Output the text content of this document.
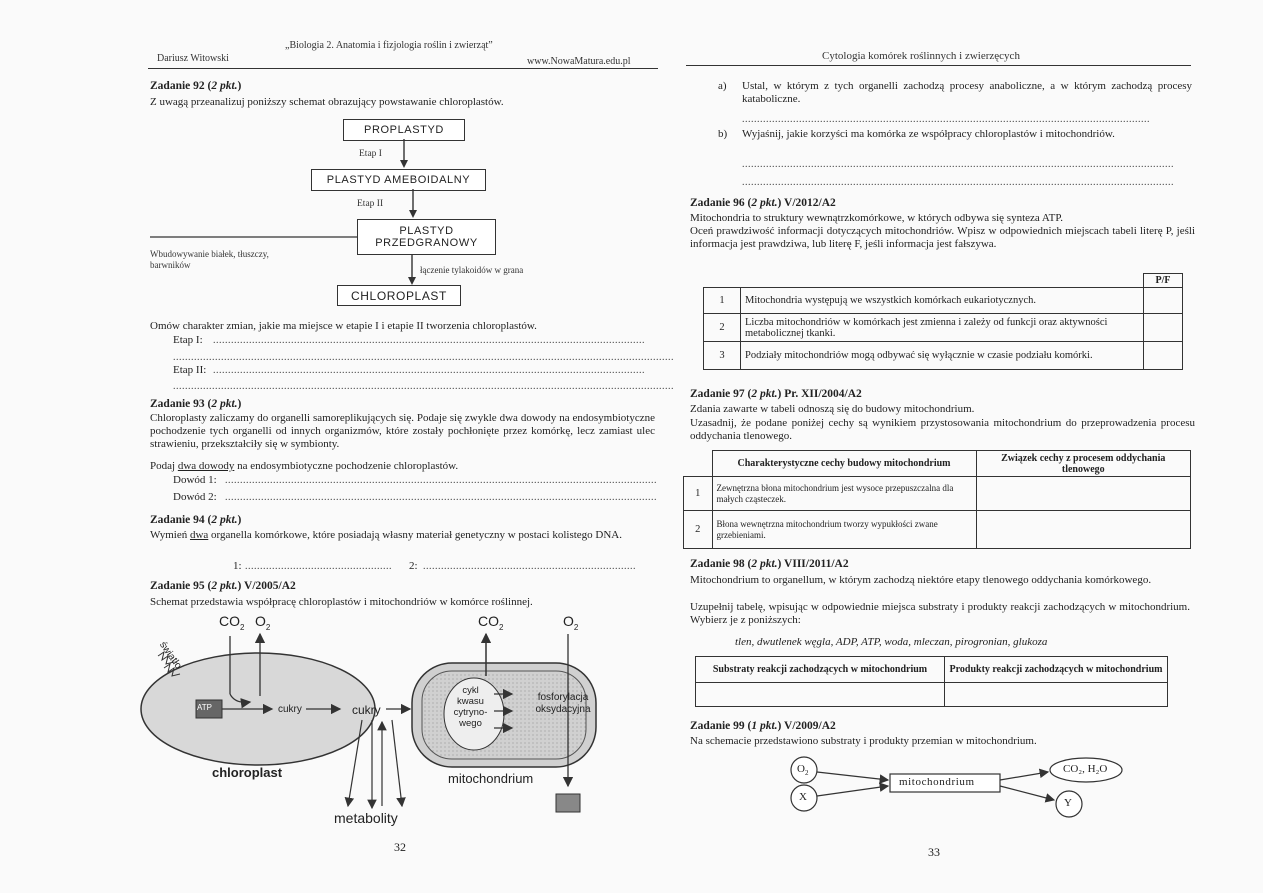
„Biologia 2. Anatomia i fizjologia roślin i zwierząt”
Dariusz Witowski	www.NowaMatura.edu.pl
Zadanie 92 (2 pkt.)
Z uwagą przeanalizuj poniższy schemat obrazujący powstawanie chloroplastów.
PROPLASTYD
Etap I
PLASTYD AMEBOIDALNY
Etap II
PLASTYD PRZEDGRANOWY
Wbudowywanie białek, tłuszczy, barwników	łączenie tylakoidów w grana
CHLOROPLAST
Omów charakter zmian, jakie ma miejsce w etapie I i etapie II tworzenia chloroplastów.
Etap I: ................................................................................................................................................
.......................................................................................................................................................................
Etap II: ................................................................................................................................................
.......................................................................................................................................................................
Zadanie 93 (2 pkt.)
Chloroplasty zaliczamy do organelli samoreplikujących się. Podaje się zwykle dwa dowody na endosymbiotyczne pochodzenie tych organelli od innych organizmów, które zostały pochłonięte przez komórkę, lecz zamiast ulec strawieniu, przekształciły się w symbionty.
Podaj dwa dowody na endosymbiotyczne pochodzenie chloroplastów.
Dowód 1: ................................................................................................................................................
Dowód 2: ................................................................................................................................................
Zadanie 94 (2 pkt.)
Wymień dwa organella komórkowe, które posiadają własny materiał genetyczny w postaci kolistego DNA.
1: ................................................. 2: .......................................................................
Zadanie 95 (2 pkt.) V/2005/A2
Schemat przedstawia współpracę chloroplastów i mitochondriów w komórce roślinnej.
$CO_2$ $O_2$	$CO_2$	$O_2$
światło
ATP	cukry	cukry
cykl kwasu cytryno- wego
fosforylacja oksydacyjna
chloroplast	mitochondrium
metabolity
32
Cytologia komórek roślinnych i zwierzęcych
a) Ustal, w którym z tych organelli zachodzą procesy anaboliczne, a w którym zachodzą procesy kataboliczne.
........................................................................................................................................
b) Wyjaśnij, jakie korzyści ma komórka ze współpracy chloroplastów i mitochondriów.
................................................................................................................................................
................................................................................................................................................
Zadanie 96 (2 pkt.) V/2012/A2
Mitochondria to struktury wewnątrzkomórkowe, w których odbywa się synteza ATP.
Oceń prawdziwość informacji dotyczących mitochondriów. Wpisz w odpowiednich miejscach tabeli literę P, jeśli informacja jest prawdziwa, lub literę F, jeśli informacja jest fałszywa.
		P/F
1	Mitochondria występują we wszystkich komórkach eukariotycznych.	
2	Liczba mitochondriów w komórkach jest zmienna i zależy od funkcji oraz aktywności metabolicznej tkanki.	
3	Podziały mitochondriów mogą odbywać się wyłącznie w czasie podziału komórki.	
Zadanie 97 (2 pkt.) Pr. XII/2004/A2
Zdania zawarte w tabeli odnoszą się do budowy mitochondrium.
Uzasadnij, że podane poniżej cechy są wynikiem przystosowania mitochondrium do przeprowadzenia procesu oddychania tlenowego.
	Charakterystyczne cechy budowy mitochondrium	Związek cechy z procesem oddychania tlenowego
1	Zewnętrzna błona mitochondrium jest wysoce przepuszczalna dla małych cząsteczek.	
2	Błona wewnętrzna mitochondrium tworzy wypukłości zwane grzebieniami.	
Zadanie 98 (2 pkt.) VIII/2011/A2
Mitochondrium to organellum, w którym zachodzą niektóre etapy tlenowego oddychania komórkowego.
Uzupełnij tabelę, wpisując w odpowiednie miejsca substraty i produkty reakcji zachodzących w mitochondrium. Wybierz je z poniższych:
tlen, dwutlenek węgla, ADP, ATP, woda, mleczan, pirogronian, glukoza
Substraty reakcji zachodzących w mitochondrium	Produkty reakcji zachodzących w mitochondrium

Zadanie 99 (1 pkt.) V/2009/A2
Na schemacie przedstawiono substraty i produkty przemian w mitochondrium.
$O_2$
X
mitochondrium
CO₂, H₂O
Y
33
